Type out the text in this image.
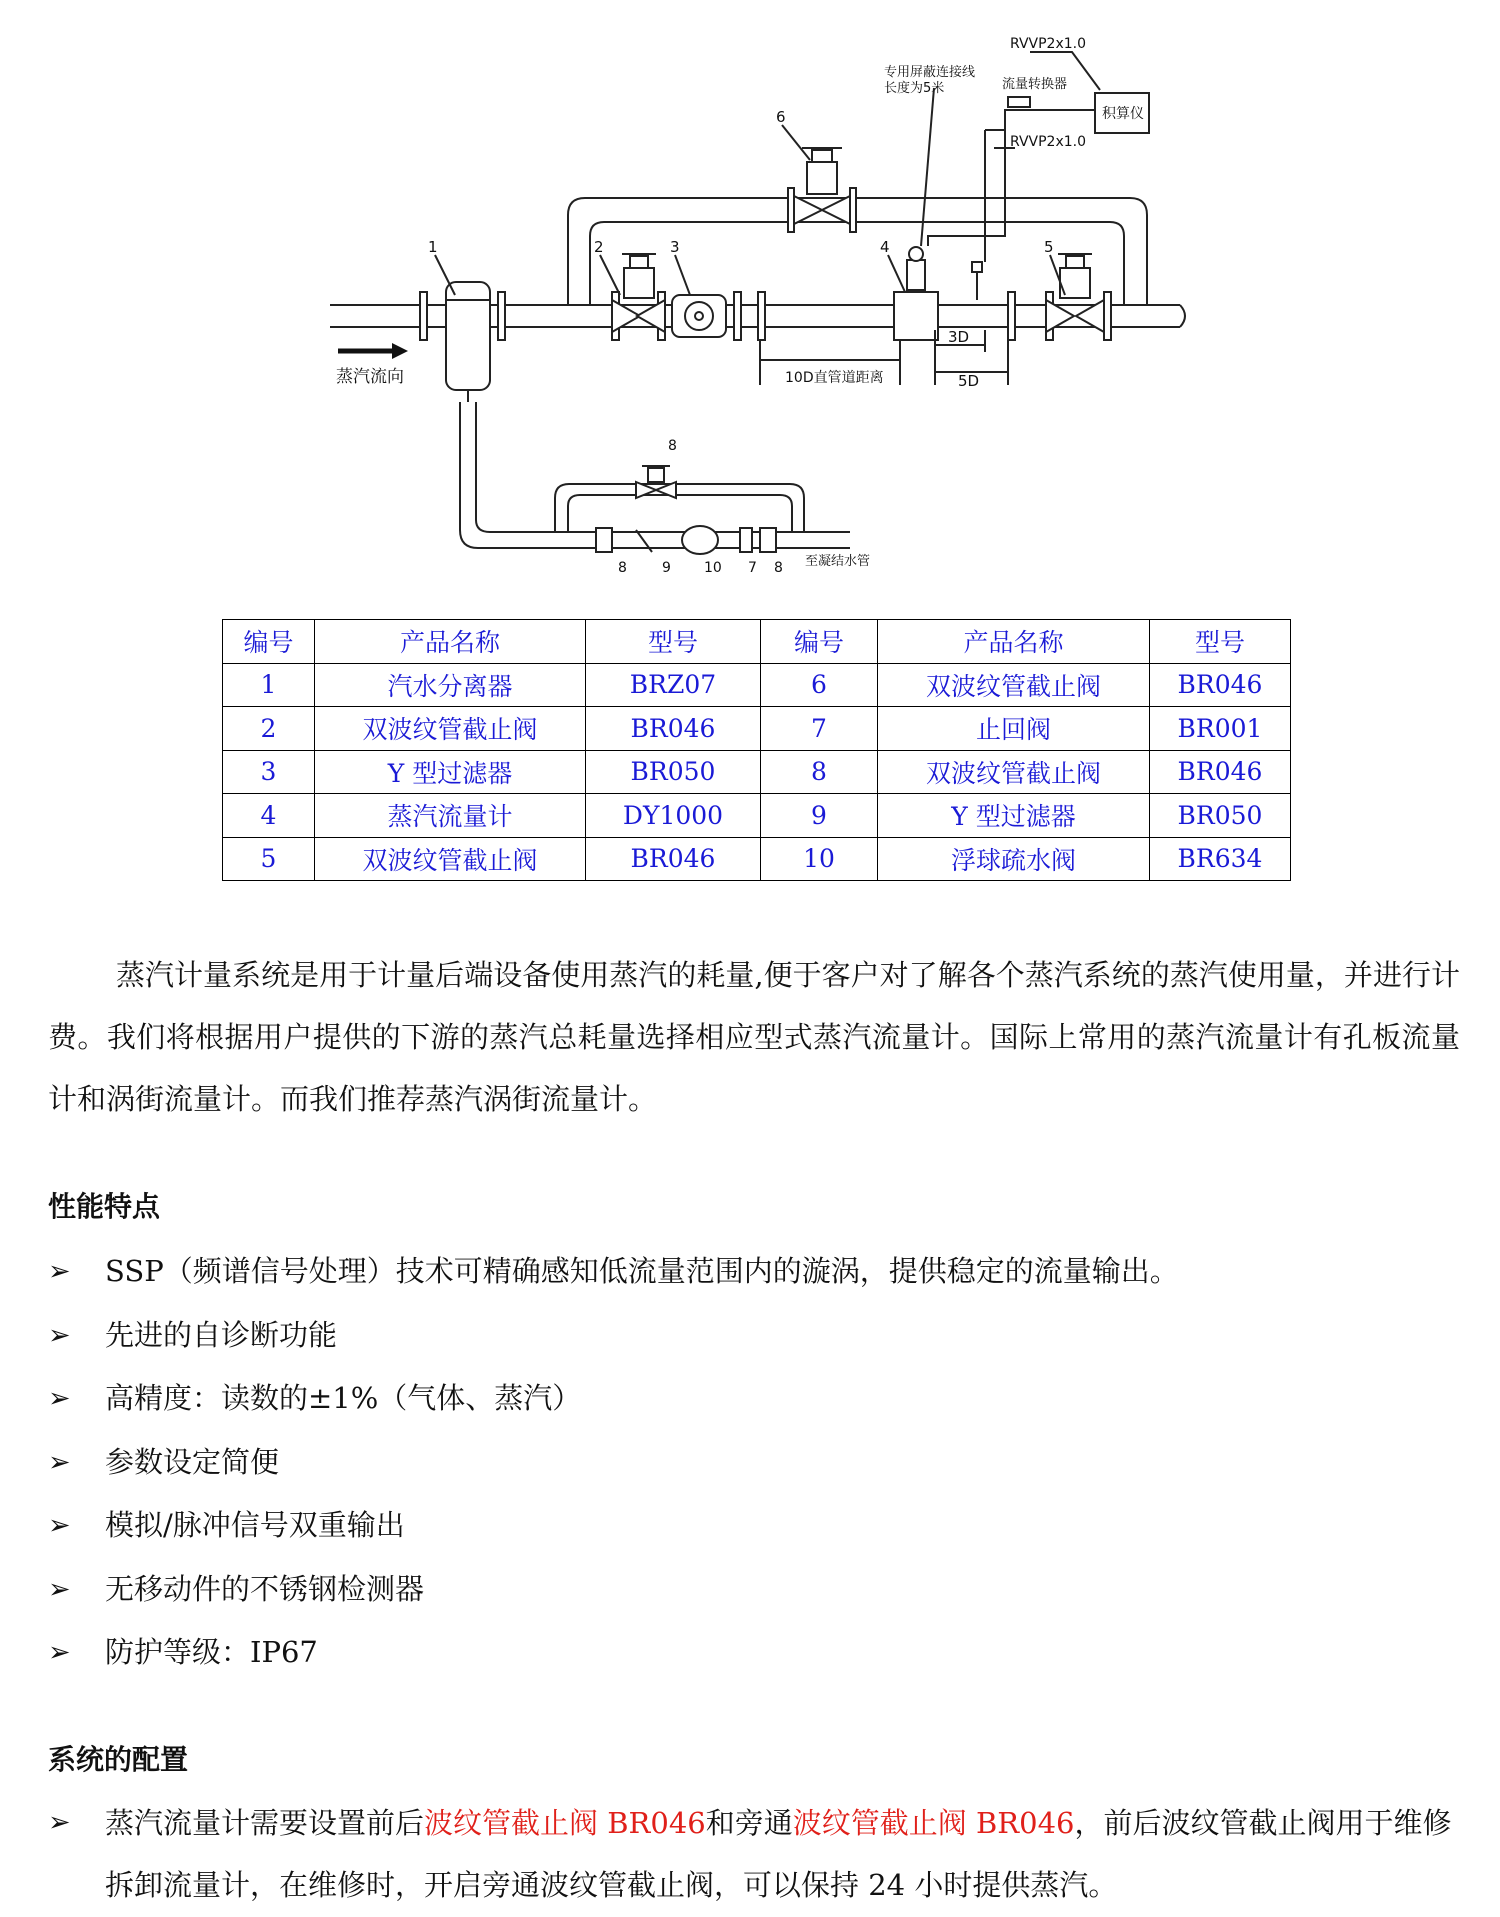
RVVP2x1.0
RVVP2x1.0
专用屏蔽连接线
长度为5米	流量转换器
积算仪
蒸汽流向	10D直管道距离
3D
5D
至凝结水管
1	2	3	4	5
6
8
8	9 10 7 8
编号	产品名称	型号	编号	产品名称	型号
1	汽水分离器	BRZ07	6	双波纹管截止阀	BR046
2	双波纹管截止阀	BR046	7	止回阀	BR001
3	Y 型过滤器	BR050	8	双波纹管截止阀	BR046
4	蒸汽流量计	DY1000	9	Y 型过滤器	BR050
5	双波纹管截止阀	BR046	10	浮球疏水阀	BR634

蒸汽计量系统是用于计量后端设备使用蒸汽的耗量,便于客户对了解各个蒸汽系统的蒸汽使用量，并进行计费。我们将根据用户提供的下游的蒸汽总耗量选择相应型式蒸汽流量计。国际上常用的蒸汽流量计有孔板流量计和涡街流量计。而我们推荐蒸汽涡街流量计。

性能特点
➢ SSP（频谱信号处理）技术可精确感知低流量范围内的漩涡，提供稳定的流量输出。
➢ 先进的自诊断功能
➢ 高精度：读数的±1%（气体、蒸汽）
➢ 参数设定简便
➢ 模拟/脉冲信号双重输出
➢ 无移动件的不锈钢检测器
➢ 防护等级：IP67
系统的配置
➢ 蒸汽流量计需要设置前后波纹管截止阀 BR046和旁通波纹管截止阀 BR046，前后波纹管截止阀用于维修拆卸流量计，在维修时，开启旁通波纹管截止阀，可以保持 24 小时提供蒸汽。
